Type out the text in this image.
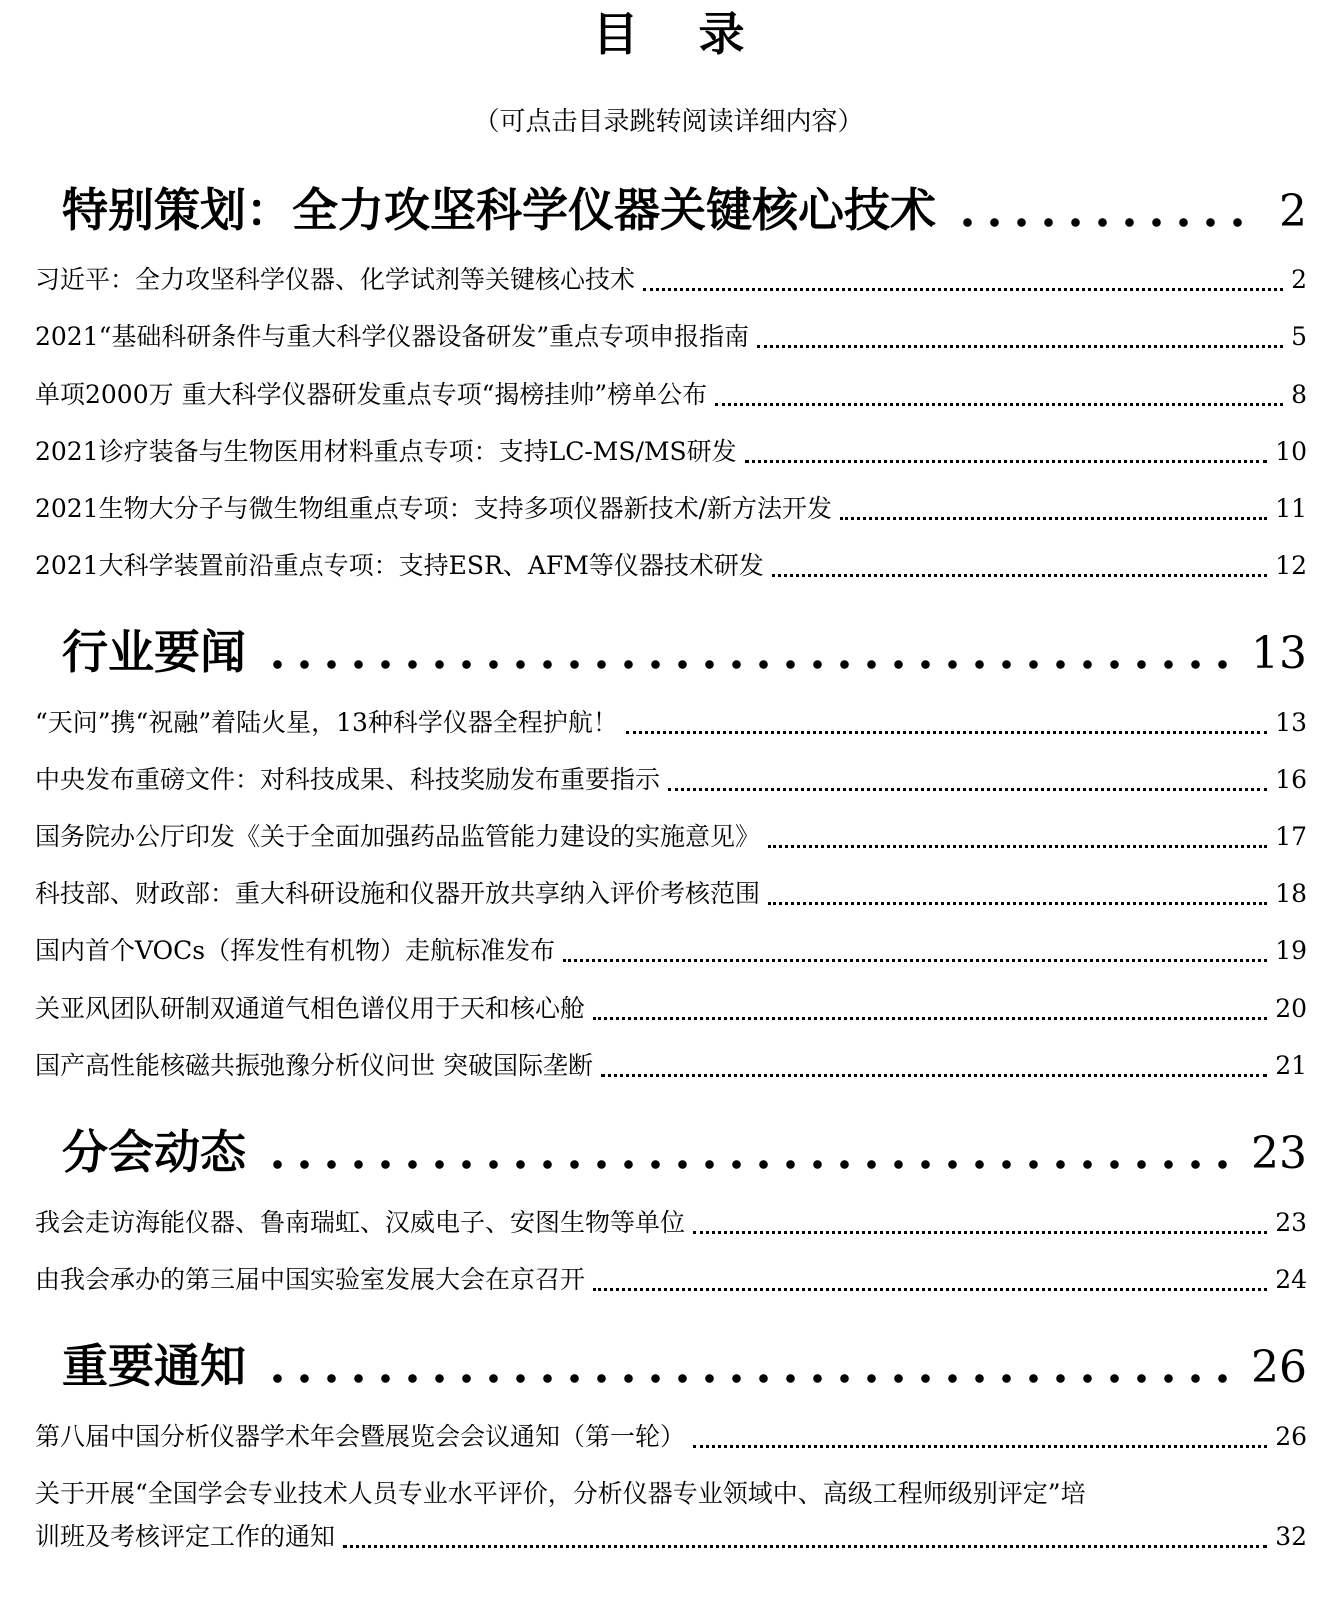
目录
（可点击目录跳转阅读详细内容）
特别策划：全力攻坚科学仪器关键核心技术	2
习近平：全力攻坚科学仪器、化学试剂等关键核心技术	2
2021“基础科研条件与重大科学仪器设备研发”重点专项申报指南	5
单项2000万 重大科学仪器研发重点专项“揭榜挂帅”榜单公布	8
2021诊疗装备与生物医用材料重点专项：支持LC-MS/MS研发	10
2021生物大分子与微生物组重点专项：支持多项仪器新技术/新方法开发	11
2021大科学装置前沿重点专项：支持ESR、AFM等仪器技术研发	12
行业要闻	13
“天问”携“祝融”着陆火星，13种科学仪器全程护航！	13
中央发布重磅文件：对科技成果、科技奖励发布重要指示	16
国务院办公厅印发《关于全面加强药品监管能力建设的实施意见》	17
科技部、财政部：重大科研设施和仪器开放共享纳入评价考核范围	18
国内首个VOCs（挥发性有机物）走航标准发布	19
关亚风团队研制双通道气相色谱仪用于天和核心舱	20
国产高性能核磁共振弛豫分析仪问世 突破国际垄断	21
分会动态	23
我会走访海能仪器、鲁南瑞虹、汉威电子、安图生物等单位	23
由我会承办的第三届中国实验室发展大会在京召开	24
重要通知	26
第八届中国分析仪器学术年会暨展览会会议通知（第一轮）	26
关于开展“全国学会专业技术人员专业水平评价，分析仪器专业领域中、高级工程师级别评定”培
训班及考核评定工作的通知	32
